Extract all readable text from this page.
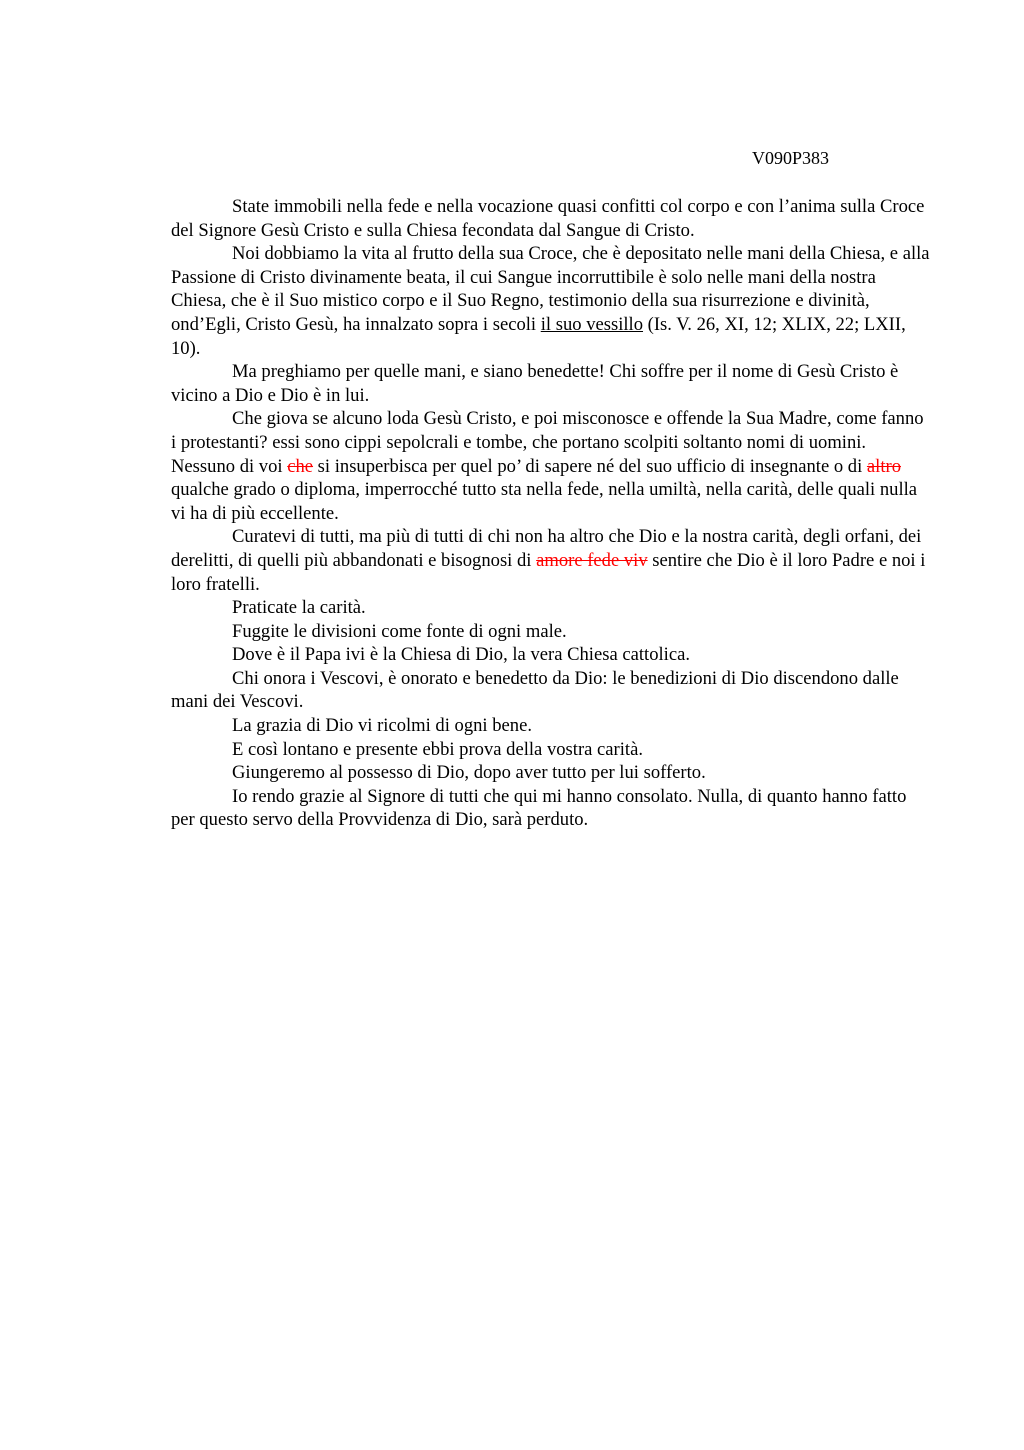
V090P383

State immobili nella fede e nella vocazione quasi confitti col corpo e con l’anima sulla Croce del Signore Gesù Cristo e sulla Chiesa fecondata dal Sangue di Cristo.

Noi dobbiamo la vita al frutto della sua Croce, che è depositato nelle mani della Chiesa, e alla Passione di Cristo divinamente beata, il cui Sangue incorruttibile è solo nelle mani della nostra Chiesa, che è il Suo mistico corpo e il Suo Regno, testimonio della sua risurrezione e divinità, ond’Egli, Cristo Gesù, ha innalzato sopra i secoli il suo vessillo (Is. V. 26, XI, 12; XLIX, 22; LXII, 10).

Ma preghiamo per quelle mani, e siano benedette! Chi soffre per il nome di Gesù Cristo è vicino a Dio e Dio è in lui.

Che giova se alcuno loda Gesù Cristo, e poi misconosce e offende la Sua Madre, come fanno i protestanti? essi sono cippi sepolcrali e tombe, che portano scolpiti soltanto nomi di uomini. Nessuno di voi che si insuperbisca per quel po’ di sapere né del suo ufficio di insegnante o di altro qualche grado o diploma, imperrocché tutto sta nella fede, nella umiltà, nella carità, delle quali nulla vi ha di più eccellente.

Curatevi di tutti, ma più di tutti di chi non ha altro che Dio e la nostra carità, degli orfani, dei derelitti, di quelli più abbandonati e bisognosi di amore fede viv sentire che Dio è il loro Padre e noi i loro fratelli.

Praticate la carità.

Fuggite le divisioni come fonte di ogni male.

Dove è il Papa ivi è la Chiesa di Dio, la vera Chiesa cattolica.

Chi onora i Vescovi, è onorato e benedetto da Dio: le benedizioni di Dio discendono dalle mani dei Vescovi.

La grazia di Dio vi ricolmi di ogni bene.

E così lontano e presente ebbi prova della vostra carità.

Giungeremo al possesso di Dio, dopo aver tutto per lui sofferto.

Io rendo grazie al Signore di tutti che qui mi hanno consolato. Nulla, di quanto hanno fatto per questo servo della Provvidenza di Dio, sarà perduto.
